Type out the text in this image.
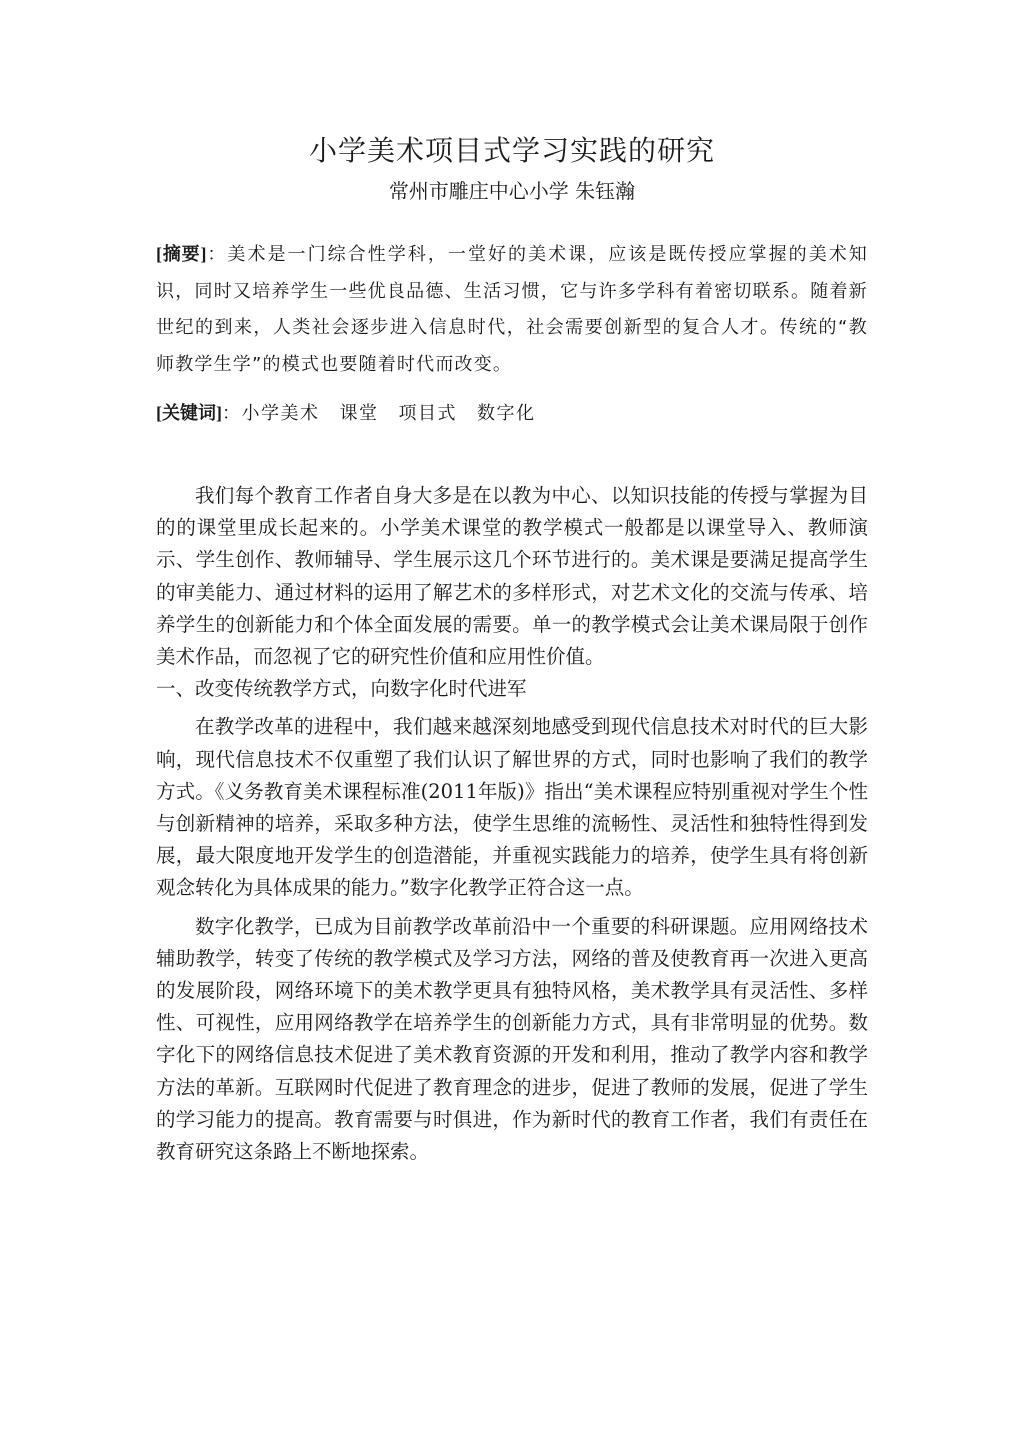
小学美术项目式学习实践的研究
常州市雕庄中心小学 朱钰瀚
[摘要]：美术是一门综合性学科，一堂好的美术课，应该是既传授应掌握的美术知识，同时又培养学生一些优良品德、生活习惯，它与许多学科有着密切联系。随着新世纪的到来，人类社会逐步进入信息时代，社会需要创新型的复合人才。传统的“教师教学生学”的模式也要随着时代而改变。
[关键词]：小学美术 课堂 项目式 数字化

我们每个教育工作者自身大多是在以教为中心、以知识技能的传授与掌握为目的的课堂里成长起来的。小学美术课堂的教学模式一般都是以课堂导入、教师演示、学生创作、教师辅导、学生展示这几个环节进行的。美术课是要满足提高学生的审美能力、通过材料的运用了解艺术的多样形式，对艺术文化的交流与传承、培养学生的创新能力和个体全面发展的需要。单一的教学模式会让美术课局限于创作美术作品，而忽视了它的研究性价值和应用性价值。

一、改变传统教学方式，向数字化时代进军

在教学改革的进程中，我们越来越深刻地感受到现代信息技术对时代的巨大影响，现代信息技术不仅重塑了我们认识了解世界的方式，同时也影响了我们的教学方式。《义务教育美术课程标准(2011年版)》指出“美术课程应特别重视对学生个性与创新精神的培养，采取多种方法，使学生思维的流畅性、灵活性和独特性得到发展，最大限度地开发学生的创造潜能，并重视实践能力的培养，使学生具有将创新观念转化为具体成果的能力。”数字化教学正符合这一点。

数字化教学，已成为目前教学改革前沿中一个重要的科研课题。应用网络技术辅助教学，转变了传统的教学模式及学习方法，网络的普及使教育再一次进入更高的发展阶段，网络环境下的美术教学更具有独特风格，美术教学具有灵活性、多样性、可视性，应用网络教学在培养学生的创新能力方式，具有非常明显的优势。数字化下的网络信息技术促进了美术教育资源的开发和利用，推动了教学内容和教学方法的革新。互联网时代促进了教育理念的进步，促进了教师的发展，促进了学生的学习能力的提高。教育需要与时俱进，作为新时代的教育工作者，我们有责任在教育研究这条路上不断地探索。
